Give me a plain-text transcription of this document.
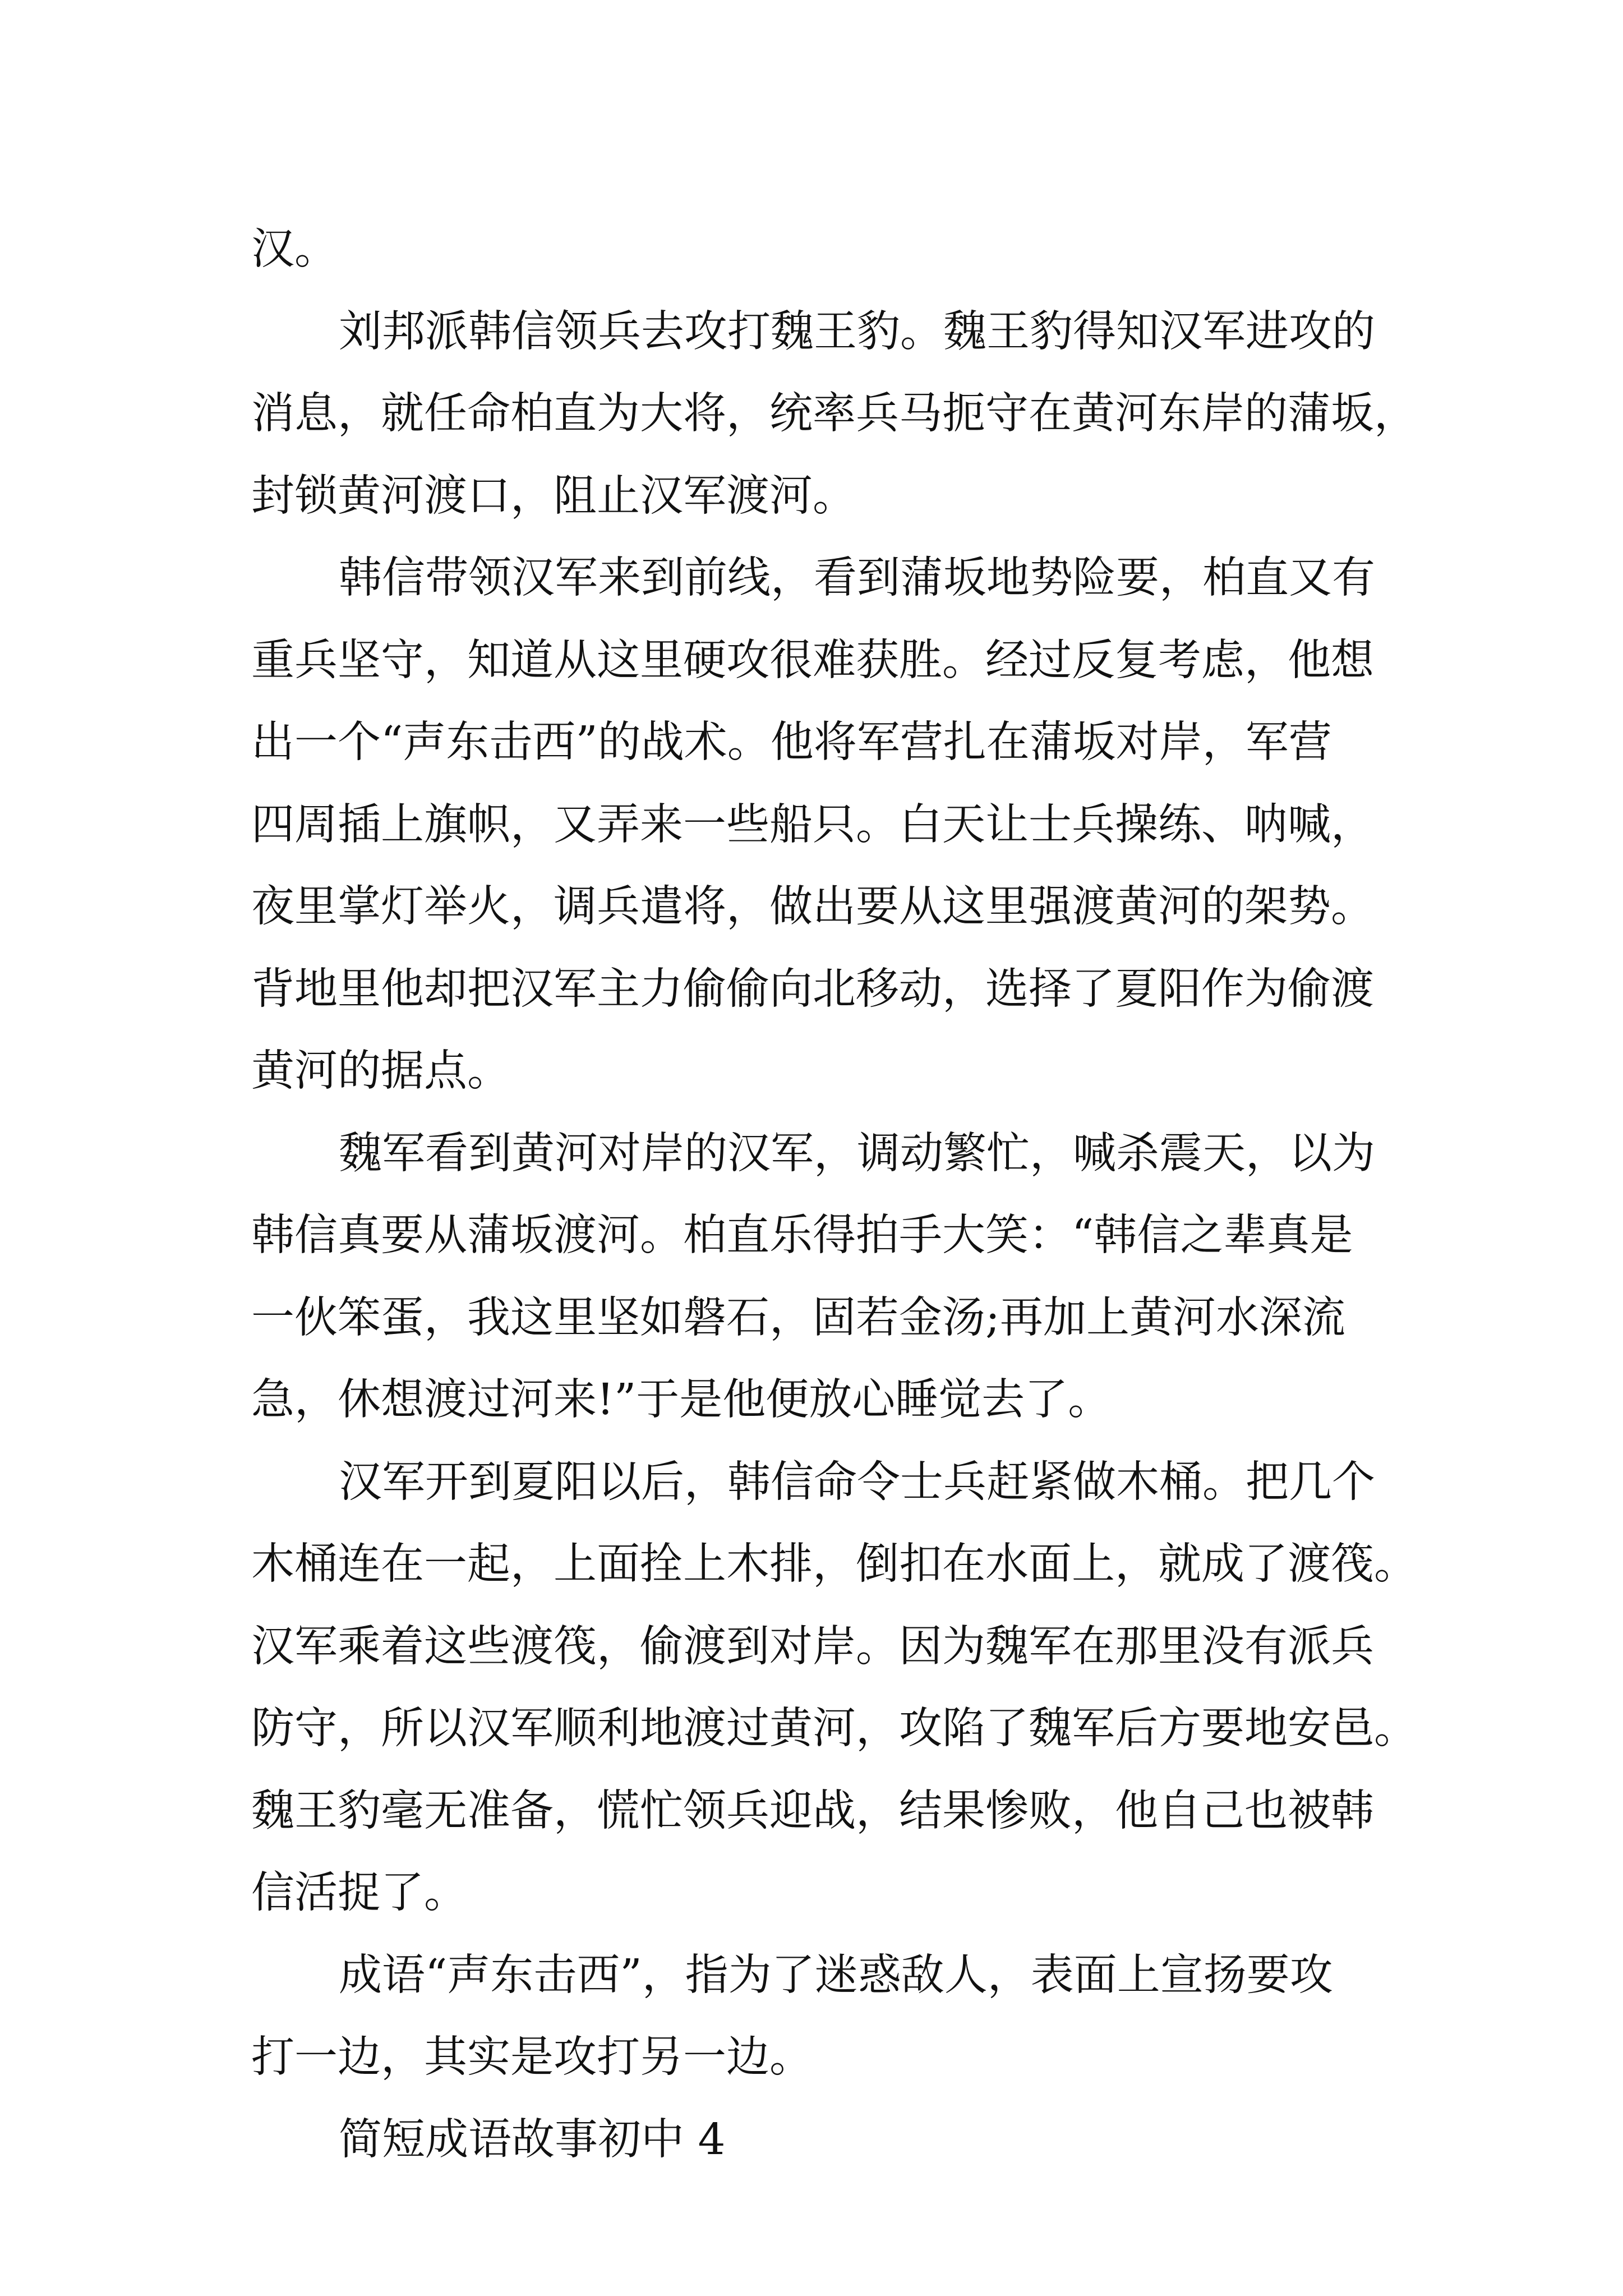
汉。
刘邦派韩信领兵去攻打魏王豹。魏王豹得知汉军进攻的
消息，就任命柏直为大将，统率兵马扼守在黄河东岸的蒲坂，
封锁黄河渡口，阻止汉军渡河。
韩信带领汉军来到前线，看到蒲坂地势险要，柏直又有
重兵坚守，知道从这里硬攻很难获胜。经过反复考虑，他想
出一个“声东击西”的战术。他将军营扎在蒲坂对岸，军营
四周插上旗帜，又弄来一些船只。白天让士兵操练、呐喊，
夜里掌灯举火，调兵遣将，做出要从这里强渡黄河的架势。
背地里他却把汉军主力偷偷向北移动，选择了夏阳作为偷渡
黄河的据点。
魏军看到黄河对岸的汉军，调动繁忙，喊杀震天，以为
韩信真要从蒲坂渡河。柏直乐得拍手大笑：“韩信之辈真是
一伙笨蛋，我这里坚如磐石，固若金汤;再加上黄河水深流
急，休想渡过河来!”于是他便放心睡觉去了。
汉军开到夏阳以后，韩信命令士兵赶紧做木桶。把几个
木桶连在一起，上面拴上木排，倒扣在水面上，就成了渡筏。
汉军乘着这些渡筏，偷渡到对岸。因为魏军在那里没有派兵
防守，所以汉军顺利地渡过黄河，攻陷了魏军后方要地安邑。
魏王豹毫无准备，慌忙领兵迎战，结果惨败，他自己也被韩
信活捉了。
成语“声东击西”，指为了迷惑敌人，表面上宣扬要攻
打一边，其实是攻打另一边。
简短成语故事初中 4
